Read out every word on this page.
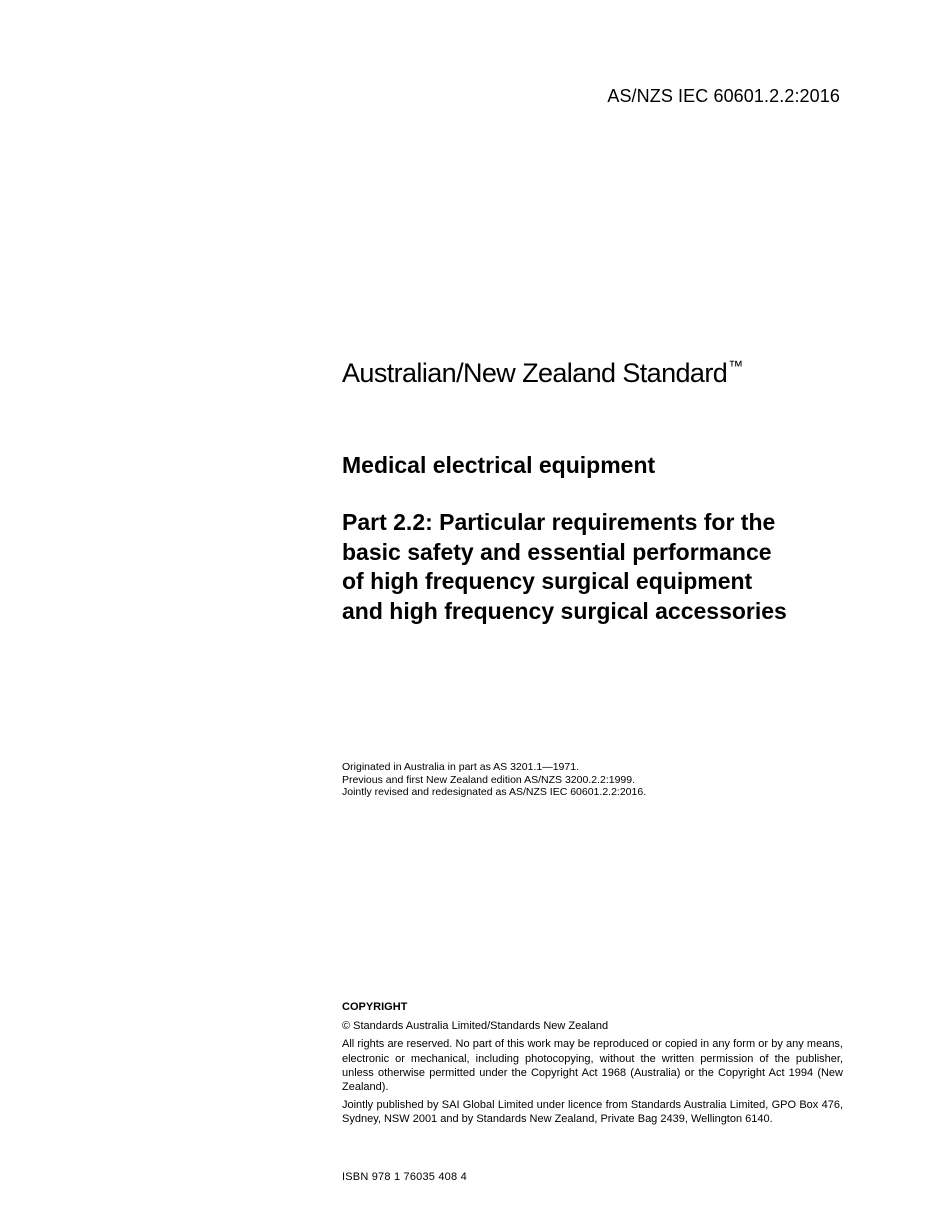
AS/NZS IEC 60601.2.2:2016
Australian/New Zealand Standard™
Medical electrical equipment
Part 2.2: Particular requirements for the
basic safety and essential performance
of high frequency surgical equipment
and high frequency surgical accessories
Originated in Australia in part as AS 3201.1—1971.
Previous and first New Zealand edition AS/NZS 3200.2.2:1999.
Jointly revised and redesignated as AS/NZS IEC 60601.2.2:2016.
COPYRIGHT

© Standards Australia Limited/Standards New Zealand

All rights are reserved. No part of this work may be reproduced or copied in any form or by any means, electronic or mechanical, including photocopying, without the written permission of the publisher, unless otherwise permitted under the Copyright Act 1968 (Australia) or the Copyright Act 1994 (New Zealand).

Jointly published by SAI Global Limited under licence from Standards Australia Limited, GPO Box 476, Sydney, NSW 2001 and by Standards New Zealand, Private Bag 2439, Wellington 6140.

ISBN 978 1 76035 408 4
